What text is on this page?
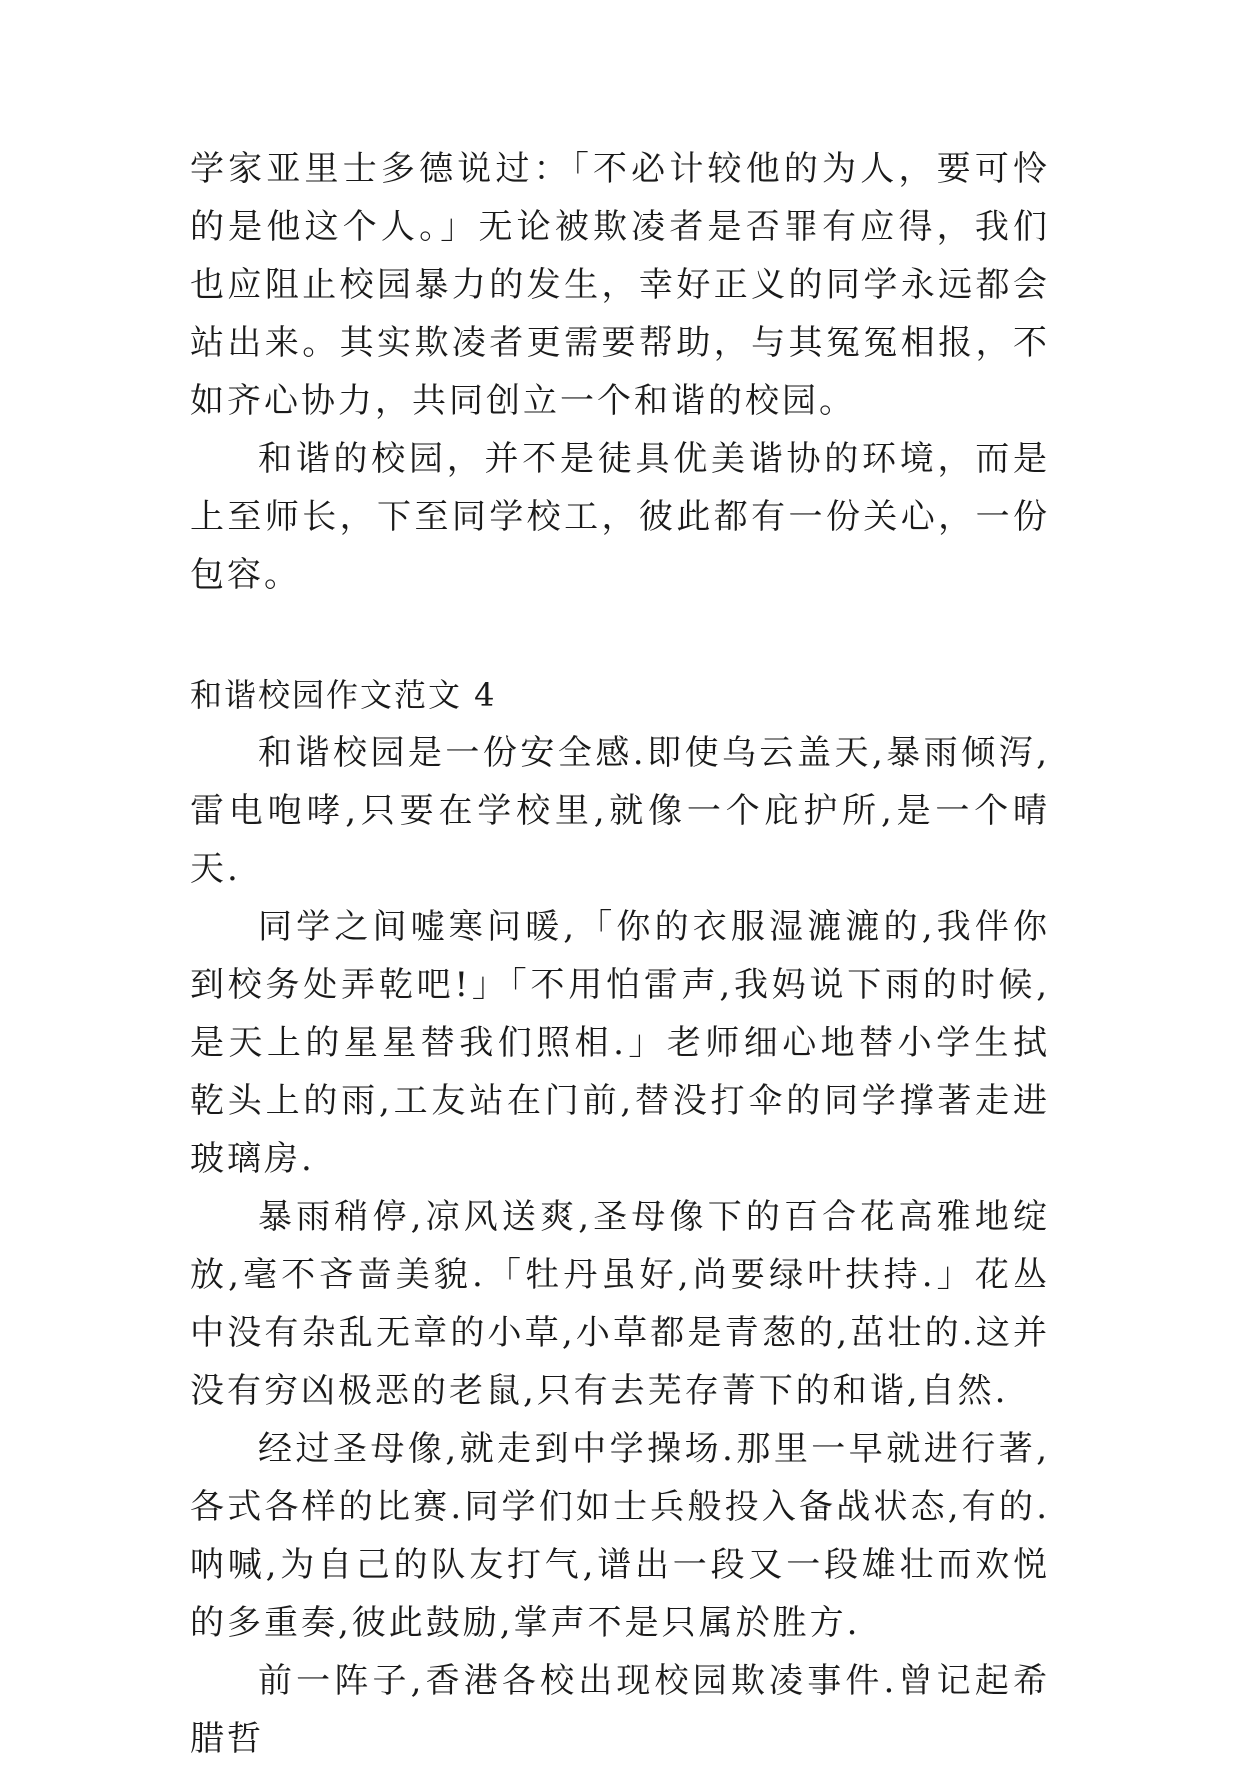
学家亚里士多德说过：「不必计较他的为人，要可怜的是他这个人。」无论被欺凌者是否罪有应得，我们也应阻止校园暴力的发生，幸好正义的同学永远都会站出来。其实欺凌者更需要帮助，与其冤冤相报，不如齐心协力，共同创立一个和谐的校园。

和谐的校园，并不是徒具优美谐协的环境，而是上至师长，下至同学校工，彼此都有一份关心，一份包容。

和谐校园作文范文 4

和谐校园是一份安全感.即使乌云盖天,暴雨倾泻,雷电咆哮,只要在学校里,就像一个庇护所,是一个晴天.

同学之间嘘寒问暖,「你的衣服湿漉漉的,我伴你到校务处弄乾吧!」「不用怕雷声,我妈说下雨的时候,是天上的星星替我们照相.」老师细心地替小学生拭乾头上的雨,工友站在门前,替没打伞的同学撑著走进玻璃房.

暴雨稍停,凉风送爽,圣母像下的百合花高雅地绽放,毫不吝啬美貌.「牡丹虽好,尚要绿叶扶持.」花丛中没有杂乱无章的小草,小草都是青葱的,茁壮的.这并没有穷凶极恶的老鼠,只有去芜存菁下的和谐,自然.

经过圣母像,就走到中学操场.那里一早就进行著,各式各样的比赛.同学们如士兵般投入备战状态,有的.呐喊,为自己的队友打气,谱出一段又一段雄壮而欢悦的多重奏,彼此鼓励,掌声不是只属於胜方.

前一阵子,香港各校出现校园欺凌事件.曾记起希腊哲
